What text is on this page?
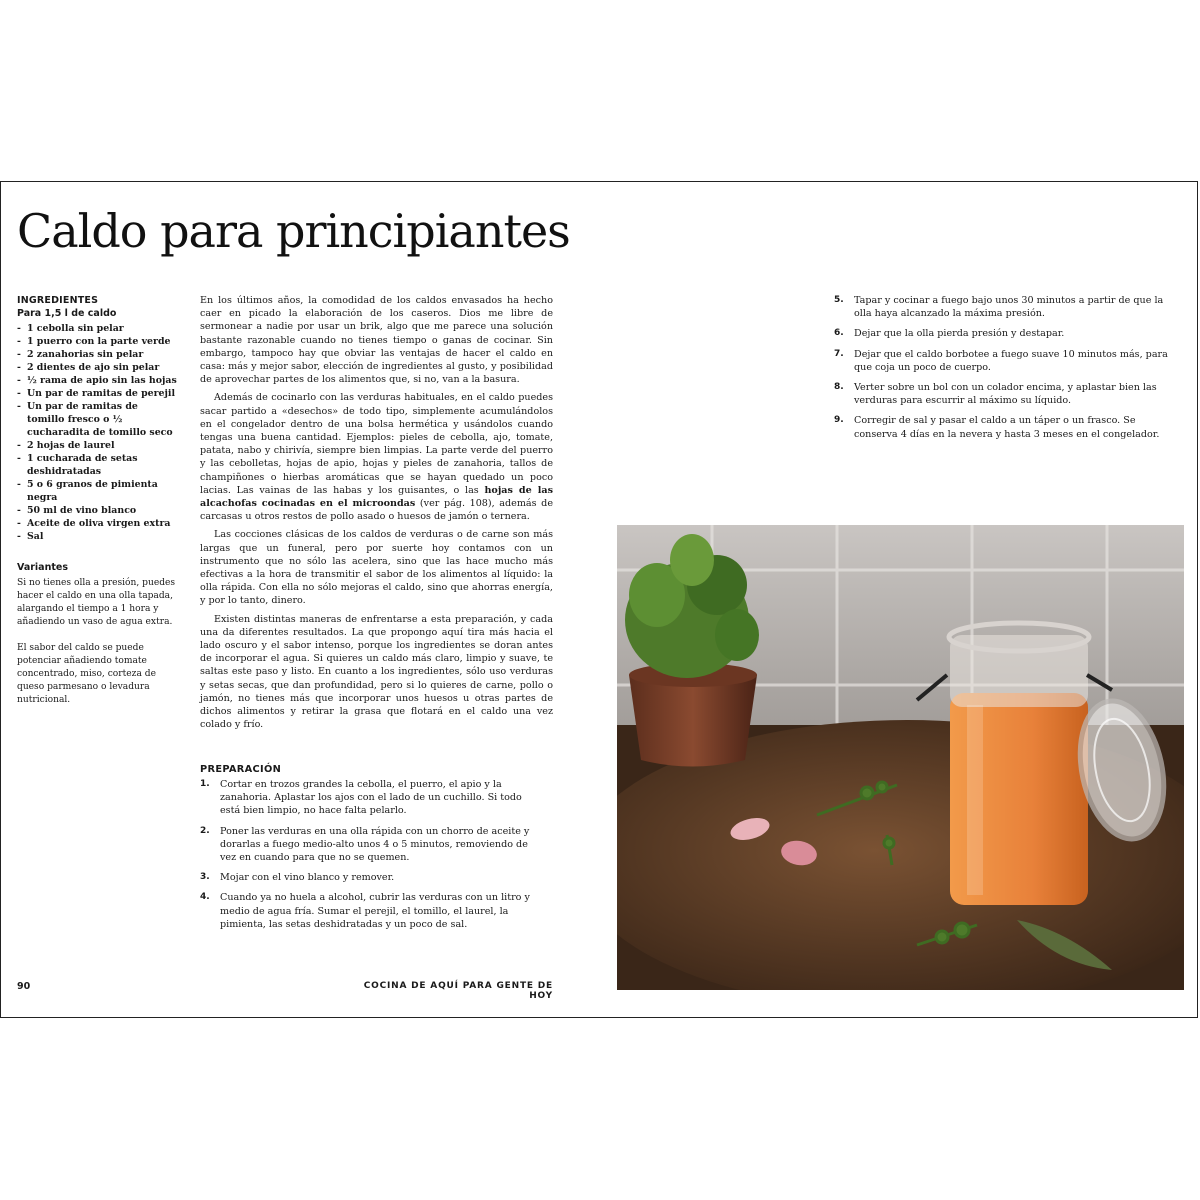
Caldo para principiantes
INGREDIENTES
Para 1,5 l de caldo
- 1 cebolla sin pelar
- 1 puerro con la parte verde
- 2 zanahorias sin pelar
- 2 dientes de ajo sin pelar
- ½ rama de apio sin las hojas
- Un par de ramitas de perejil
- Un par de ramitas de tomillo fresco o ½ cucharadita de tomillo seco
- 2 hojas de laurel
- 1 cucharada de setas deshidratadas
- 5 o 6 granos de pimienta negra
- 50 ml de vino blanco
- Aceite de oliva virgen extra
- Sal
Variantes

Si no tienes olla a presión, puedes hacer el caldo en una olla tapada, alargando el tiempo a 1 hora y añadiendo un vaso de agua extra.

El sabor del caldo se puede potenciar añadiendo tomate concentrado, miso, corteza de queso parmesano o levadura nutricional.

En los últimos años, la comodidad de los caldos envasados ha hecho caer en picado la elaboración de los caseros. Dios me libre de sermonear a nadie por usar un brik, algo que me parece una solución bastante razonable cuando no tienes tiempo o ganas de cocinar. Sin embargo, tampoco hay que obviar las ventajas de hacer el caldo en casa: más y mejor sabor, elección de ingredientes al gusto, y posibilidad de aprovechar partes de los alimentos que, si no, van a la basura.

Además de cocinarlo con las verduras habituales, en el caldo puedes sacar partido a «desechos» de todo tipo, simplemente acumulándolos en el congelador dentro de una bolsa hermética y usándolos cuando tengas una buena cantidad. Ejemplos: pieles de cebolla, ajo, tomate, patata, nabo y chirivía, siempre bien limpias. La parte verde del puerro y las cebolletas, hojas de apio, hojas y pieles de zanahoria, tallos de champiñones o hierbas aromáticas que se hayan quedado un poco lacias. Las vainas de las habas y los guisantes, o las hojas de las alcachofas cocinadas en el microondas (ver pág. 108), además de carcasas u otros restos de pollo asado o huesos de jamón o ternera.

Las cocciones clásicas de los caldos de verduras o de carne son más largas que un funeral, pero por suerte hoy contamos con un instrumento que no sólo las acelera, sino que las hace mucho más efectivas a la hora de transmitir el sabor de los alimentos al líquido: la olla rápida. Con ella no sólo mejoras el caldo, sino que ahorras energía, y por lo tanto, dinero.

Existen distintas maneras de enfrentarse a esta preparación, y cada una da diferentes resultados. La que propongo aquí tira más hacia el lado oscuro y el sabor intenso, porque los ingredientes se doran antes de incorporar el agua. Si quieres un caldo más claro, limpio y suave, te saltas este paso y listo. En cuanto a los ingredientes, sólo uso verduras y setas secas, que dan profundidad, pero si lo quieres de carne, pollo o jamón, no tienes más que incorporar unos huesos u otras partes de dichos alimentos y retirar la grasa que flotará en el caldo una vez colado y frío.

PREPARACIÓN
1. Cortar en trozos grandes la cebolla, el puerro, el apio y la zanahoria. Aplastar los ajos con el lado de un cuchillo. Si todo está bien limpio, no hace falta pelarlo.
2. Poner las verduras en una olla rápida con un chorro de aceite y dorarlas a fuego medio-alto unos 4 o 5 minutos, removiendo de vez en cuando para que no se quemen.
3. Mojar con el vino blanco y remover.
4. Cuando ya no huela a alcohol, cubrir las verduras con un litro y medio de agua fría. Sumar el perejil, el tomillo, el laurel, la pimienta, las setas deshidratadas y un poco de sal.
5. Tapar y cocinar a fuego bajo unos 30 minutos a partir de que la olla haya alcanzado la máxima presión.
6. Dejar que la olla pierda presión y destapar.
7. Dejar que el caldo borbotee a fuego suave 10 minutos más, para que coja un poco de cuerpo.
8. Verter sobre un bol con un colador encima, y aplastar bien las verduras para escurrir al máximo su líquido.
9. Corregir de sal y pasar el caldo a un táper o un frasco. Se conserva 4 días en la nevera y hasta 3 meses en el congelador.
90	COCINA DE AQUÍ PARA GENTE DE HOY
